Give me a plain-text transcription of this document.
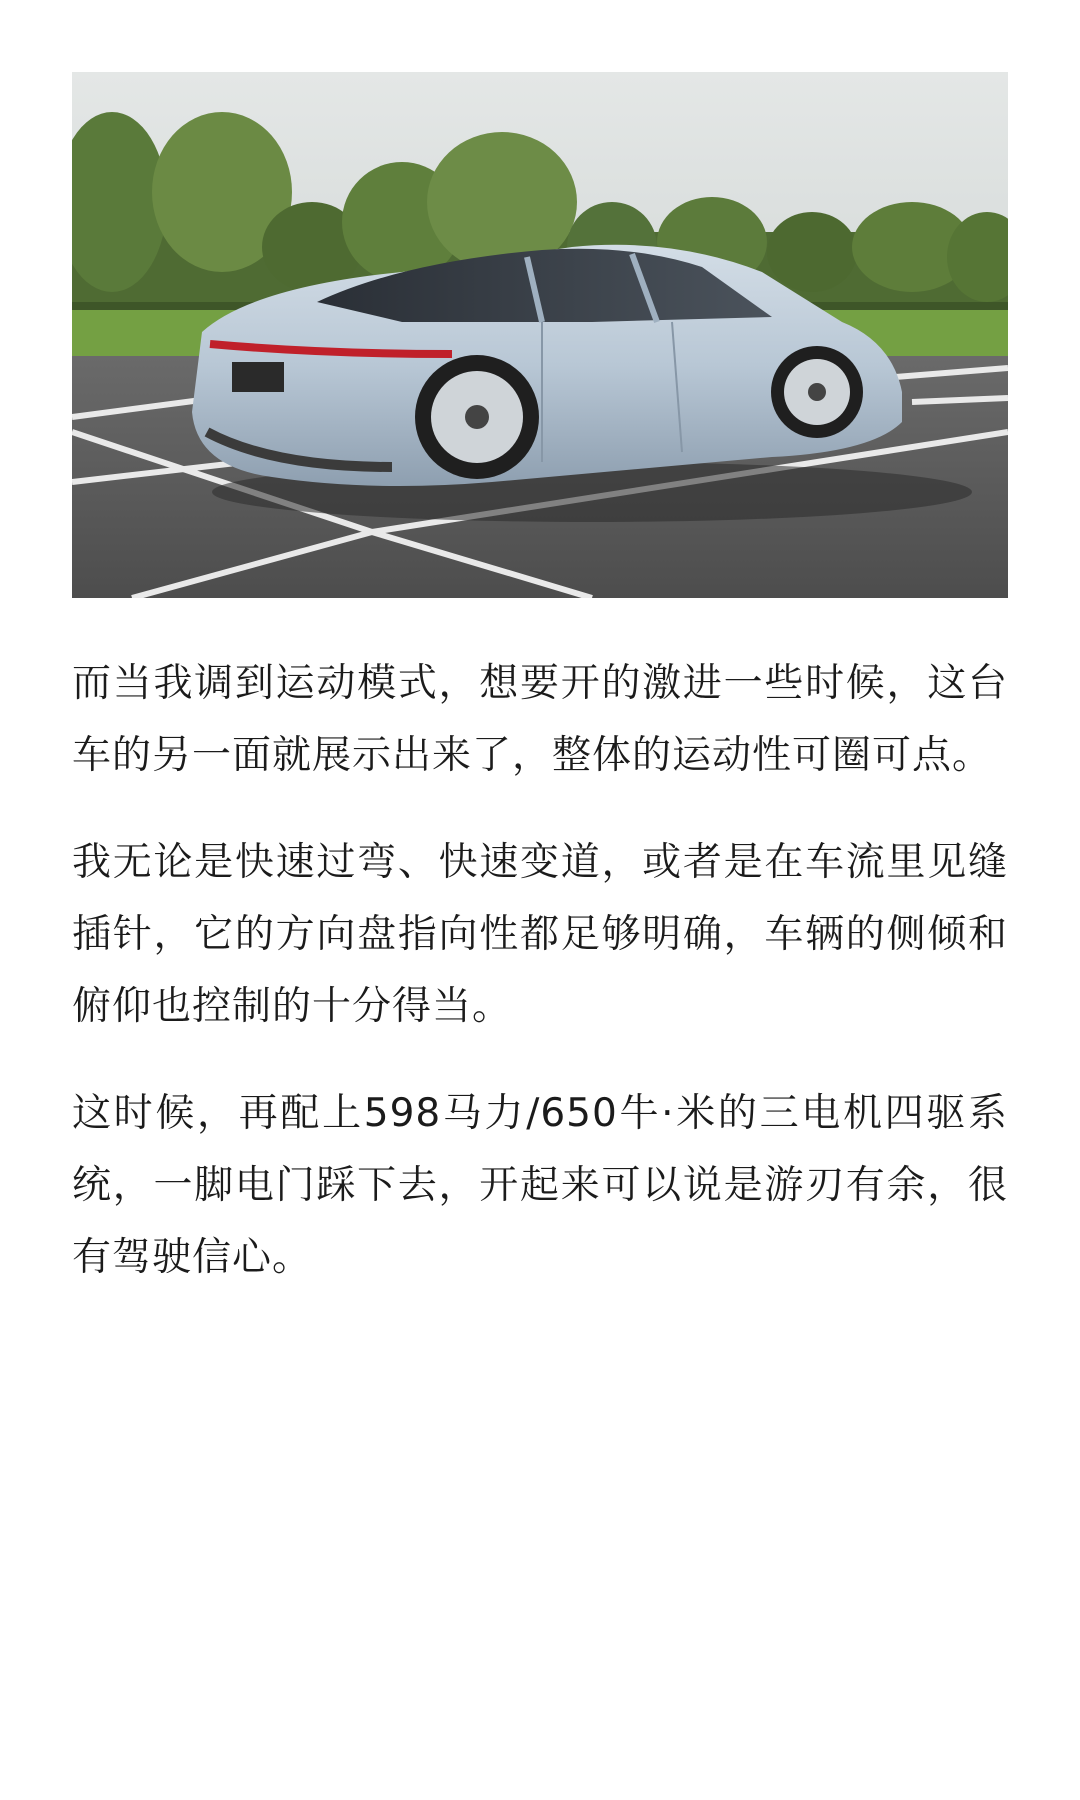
而当我调到运动模式，想要开的激进一些时候，这台车的另一面就展示出来了，整体的运动性可圈可点。

我无论是快速过弯、快速变道，或者是在车流里见缝插针，它的方向盘指向性都足够明确，车辆的侧倾和俯仰也控制的十分得当。

这时候，再配上598马力/650牛·米的三电机四驱系统，一脚电门踩下去，开起来可以说是游刃有余，很有驾驶信心。
